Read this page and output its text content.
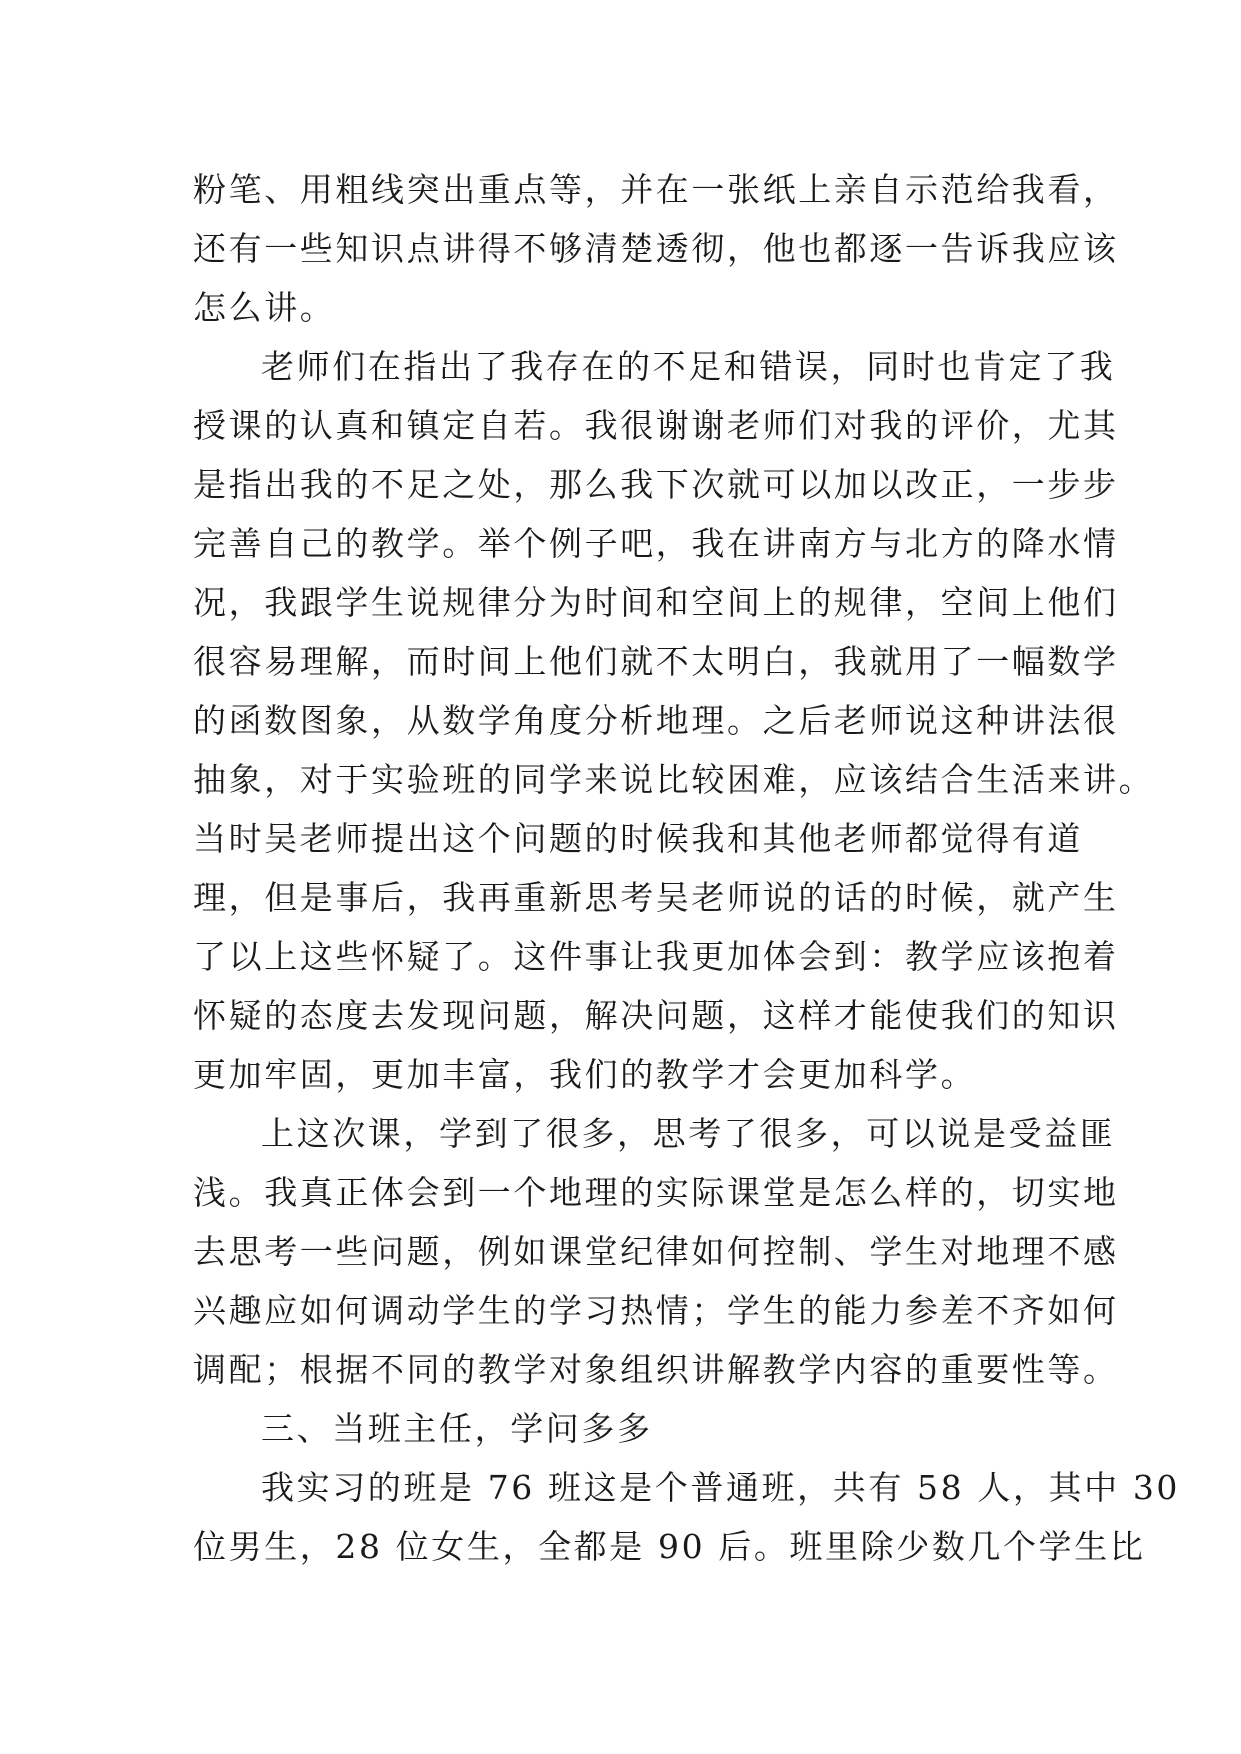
粉笔、用粗线突出重点等，并在一张纸上亲自示范给我看，
还有一些知识点讲得不够清楚透彻，他也都逐一告诉我应该
怎么讲。

老师们在指出了我存在的不足和错误，同时也肯定了我
授课的认真和镇定自若。我很谢谢老师们对我的评价，尤其
是指出我的不足之处，那么我下次就可以加以改正，一步步
完善自己的教学。举个例子吧，我在讲南方与北方的降水情
况，我跟学生说规律分为时间和空间上的规律，空间上他们
很容易理解，而时间上他们就不太明白，我就用了一幅数学
的函数图象，从数学角度分析地理。之后老师说这种讲法很
抽象，对于实验班的同学来说比较困难，应该结合生活来讲。
当时吴老师提出这个问题的时候我和其他老师都觉得有道
理，但是事后，我再重新思考吴老师说的话的时候，就产生
了以上这些怀疑了。这件事让我更加体会到：教学应该抱着
怀疑的态度去发现问题，解决问题，这样才能使我们的知识
更加牢固，更加丰富，我们的教学才会更加科学。

上这次课，学到了很多，思考了很多，可以说是受益匪
浅。我真正体会到一个地理的实际课堂是怎么样的，切实地
去思考一些问题，例如课堂纪律如何控制、学生对地理不感
兴趣应如何调动学生的学习热情；学生的能力参差不齐如何
调配；根据不同的教学对象组织讲解教学内容的重要性等。

三、当班主任，学问多多

我实习的班是 76 班这是个普通班，共有 58 人，其中 30
位男生，28 位女生，全都是 90 后。班里除少数几个学生比
